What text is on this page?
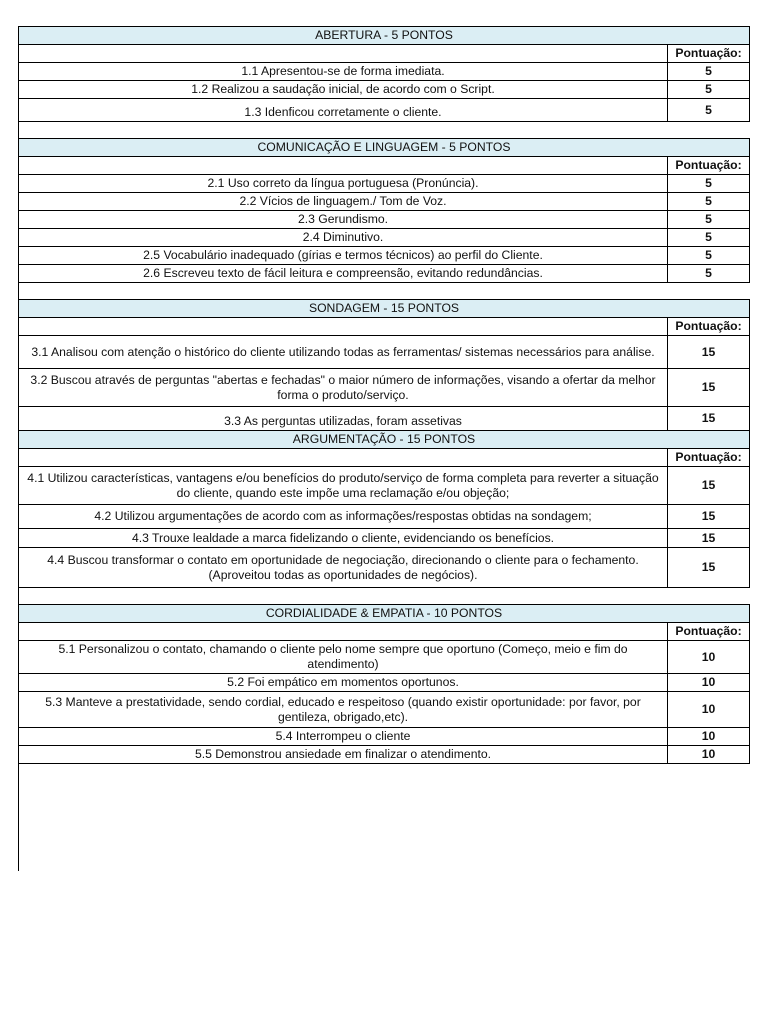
ABERTURA - 5 PONTOS	
	Pontuação:
1.1 Apresentou-se de forma imediata.	5
1.2 Realizou a saudação inicial, de acordo com o Script.	5
1.3 Idenficou corretamente o cliente.	5

COMUNICAÇÃO E LINGUAGEM - 5 PONTOS	
	Pontuação:
2.1 Uso correto da língua portuguesa (Pronúncia).	5
2.2 Vícios de linguagem./ Tom de Voz.	5
2.3 Gerundismo.	5
2.4 Diminutivo.	5
2.5 Vocabulário inadequado (gírias e termos técnicos) ao perfil do Cliente.	5
2.6 Escreveu texto de fácil leitura e compreensão, evitando redundâncias.	5

SONDAGEM - 15 PONTOS	
	Pontuação:
3.1 Analisou com atenção o histórico do cliente utilizando todas as ferramentas/ sistemas necessários para análise.	15
3.2 Buscou através de perguntas "abertas e fechadas" o maior número de informações, visando a ofertar da melhor forma o produto/serviço.	15
3.3 As perguntas utilizadas, foram assetivas	15
ARGUMENTAÇÃO - 15 PONTOS	
	Pontuação:
4.1 Utilizou características, vantagens e/ou benefícios do produto/serviço de forma completa para reverter a situação do cliente, quando este impõe uma reclamação e/ou objeção;	15
4.2 Utilizou argumentações de acordo com as informações/respostas obtidas na sondagem;	15
4.3 Trouxe lealdade a marca fidelizando o cliente, evidenciando os benefícios.	15
4.4 Buscou transformar o contato em oportunidade de negociação, direcionando o cliente para o fechamento. (Aproveitou todas as oportunidades de negócios).	15

CORDIALIDADE & EMPATIA - 10 PONTOS	
	Pontuação:
5.1 Personalizou o contato, chamando o cliente pelo nome sempre que oportuno (Começo, meio e fim do atendimento)	10
5.2 Foi empático em momentos oportunos.	10
5.3 Manteve a prestatividade, sendo cordial, educado e respeitoso (quando existir oportunidade: por favor, por gentileza, obrigado,etc).	10
5.4 Interrompeu o cliente	10
5.5 Demonstrou ansiedade em finalizar o atendimento.	10
